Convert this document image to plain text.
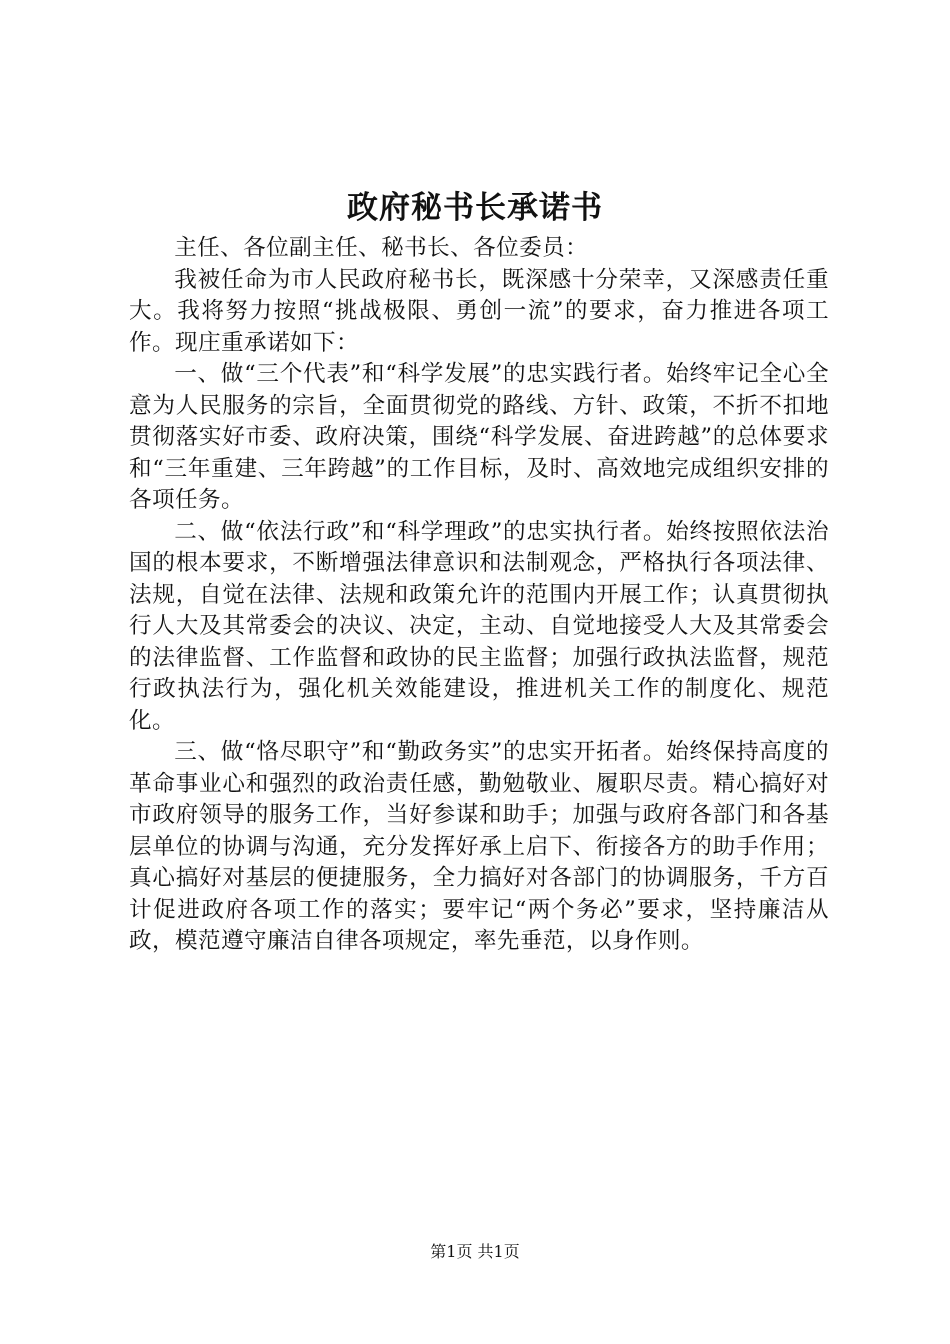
政府秘书长承诺书

主任、各位副主任、秘书长、各位委员：

我被任命为市人民政府秘书长，既深感十分荣幸，又深感责任重大。我将努力按照“挑战极限、勇创一流”的要求，奋力推进各项工作。现庄重承诺如下：

一、做“三个代表”和“科学发展”的忠实践行者。始终牢记全心全意为人民服务的宗旨，全面贯彻党的路线、方针、政策，不折不扣地贯彻落实好市委、政府决策，围绕“科学发展、奋进跨越”的总体要求和“三年重建、三年跨越”的工作目标，及时、高效地完成组织安排的各项任务。

二、做“依法行政”和“科学理政”的忠实执行者。始终按照依法治国的根本要求，不断增强法律意识和法制观念，严格执行各项法律、法规，自觉在法律、法规和政策允许的范围内开展工作；认真贯彻执行人大及其常委会的决议、决定，主动、自觉地接受人大及其常委会的法律监督、工作监督和政协的民主监督；加强行政执法监督，规范行政执法行为，强化机关效能建设，推进机关工作的制度化、规范化。

三、做“恪尽职守”和“勤政务实”的忠实开拓者。始终保持高度的革命事业心和强烈的政治责任感，勤勉敬业、履职尽责。精心搞好对市政府领导的服务工作，当好参谋和助手；加强与政府各部门和各基层单位的协调与沟通，充分发挥好承上启下、衔接各方的助手作用；真心搞好对基层的便捷服务，全力搞好对各部门的协调服务，千方百计促进政府各项工作的落实；要牢记“两个务必”要求，坚持廉洁从政，模范遵守廉洁自律各项规定，率先垂范，以身作则。

第1页 共1页
